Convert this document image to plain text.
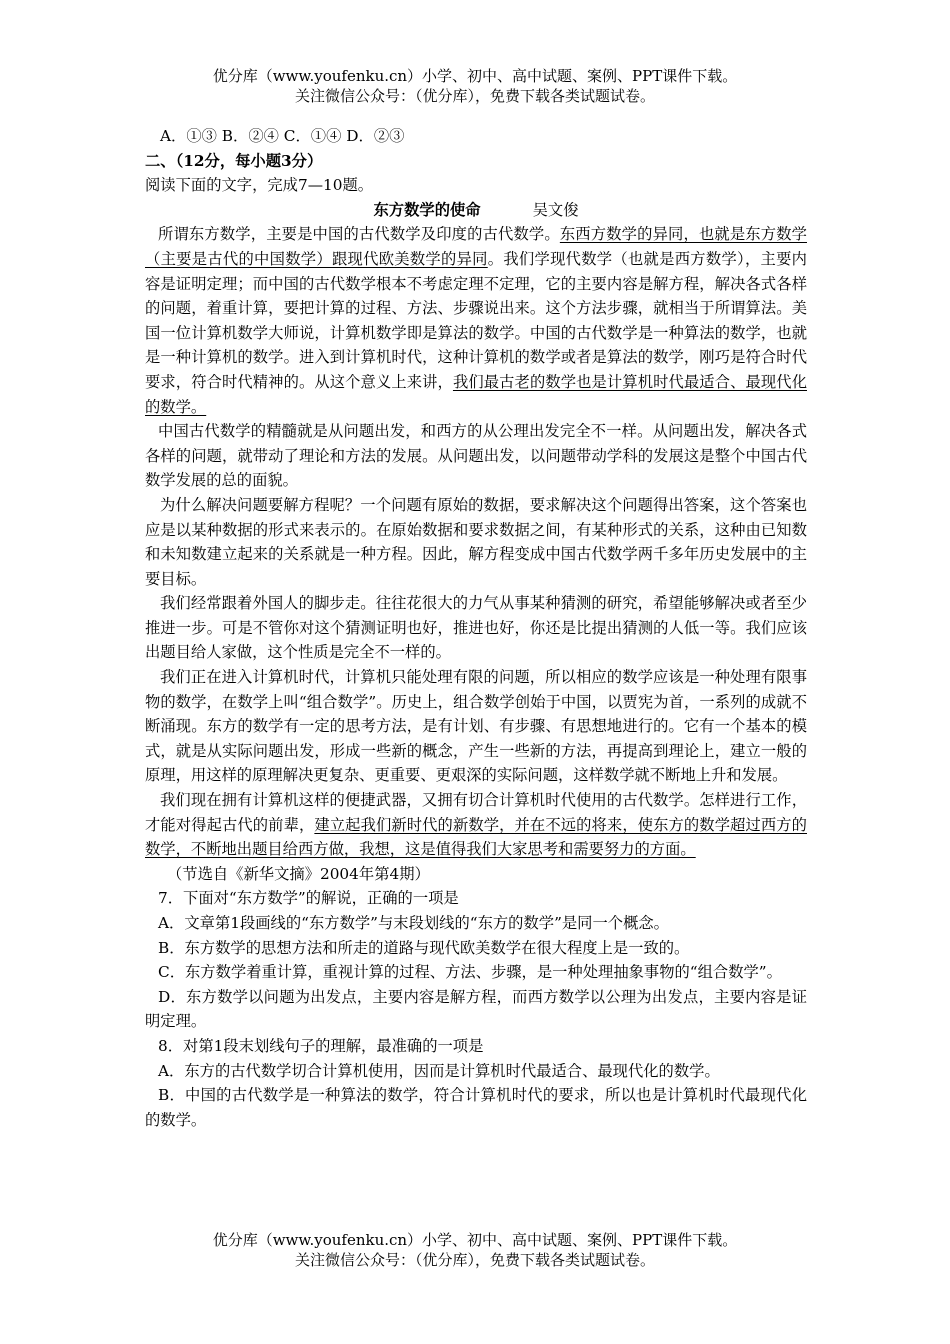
优分库（www.youfenku.cn）小学、初中、高中试题、案例、PPT课件下载。
关注微信公众号：（优分库），免费下载各类试题试卷。

A．①③ B．②④ C．①④ D．②③

二、（12分，每小题3分）

阅读下面的文字，完成7—10题。

东方数学的使命	吴文俊

所谓东方数学，主要是中国的古代数学及印度的古代数学。东西方数学的异同，也就是东方数学（主要是古代的中国数学）跟现代欧美数学的异同。我们学现代数学（也就是西方数学），主要内容是证明定理；而中国的古代数学根本不考虑定理不定理，它的主要内容是解方程，解决各式各样的问题，着重计算，要把计算的过程、方法、步骤说出来。这个方法步骤，就相当于所谓算法。美国一位计算机数学大师说，计算机数学即是算法的数学。中国的古代数学是一种算法的数学，也就是一种计算机的数学。进入到计算机时代，这种计算机的数学或者是算法的数学，刚巧是符合时代要求，符合时代精神的。从这个意义上来讲，我们最古老的数学也是计算机时代最适合、最现代化的数学。

中国古代数学的精髓就是从问题出发，和西方的从公理出发完全不一样。从问题出发，解决各式各样的问题，就带动了理论和方法的发展。从问题出发，以问题带动学科的发展这是整个中国古代数学发展的总的面貌。

为什么解决问题要解方程呢？一个问题有原始的数据，要求解决这个问题得出答案，这个答案也应是以某种数据的形式来表示的。在原始数据和要求数据之间，有某种形式的关系，这种由已知数和未知数建立起来的关系就是一种方程。因此，解方程变成中国古代数学两千多年历史发展中的主要目标。

我们经常跟着外国人的脚步走。往往花很大的力气从事某种猜测的研究，希望能够解决或者至少推进一步。可是不管你对这个猜测证明也好，推进也好，你还是比提出猜测的人低一等。我们应该出题目给人家做，这个性质是完全不一样的。

我们正在进入计算机时代，计算机只能处理有限的问题，所以相应的数学应该是一种处理有限事物的数学，在数学上叫“组合数学”。历史上，组合数学创始于中国，以贾宪为首，一系列的成就不断涌现。东方的数学有一定的思考方法，是有计划、有步骤、有思想地进行的。它有一个基本的模式，就是从实际问题出发，形成一些新的概念，产生一些新的方法，再提高到理论上，建立一般的原理，用这样的原理解决更复杂、更重要、更艰深的实际问题，这样数学就不断地上升和发展。

我们现在拥有计算机这样的便捷武器，又拥有切合计算机时代使用的古代数学。怎样进行工作，才能对得起古代的前辈，建立起我们新时代的新数学，并在不远的将来，使东方的数学超过西方的数学，不断地出题目给西方做，我想，这是值得我们大家思考和需要努力的方面。

（节选自《新华文摘》2004年第4期）

7．下面对“东方数学”的解说，正确的一项是

A．文章第1段画线的“东方数学”与末段划线的“东方的数学”是同一个概念。

B．东方数学的思想方法和所走的道路与现代欧美数学在很大程度上是一致的。

C．东方数学着重计算，重视计算的过程、方法、步骤，是一种处理抽象事物的“组合数学”。

D．东方数学以问题为出发点，主要内容是解方程，而西方数学以公理为出发点，主要内容是证明定理。

8．对第1段末划线句子的理解，最准确的一项是

A．东方的古代数学切合计算机使用，因而是计算机时代最适合、最现代化的数学。

B．中国的古代数学是一种算法的数学，符合计算机时代的要求，所以也是计算机时代最现代化的数学。

优分库（www.youfenku.cn）小学、初中、高中试题、案例、PPT课件下载。
关注微信公众号：（优分库），免费下载各类试题试卷。
